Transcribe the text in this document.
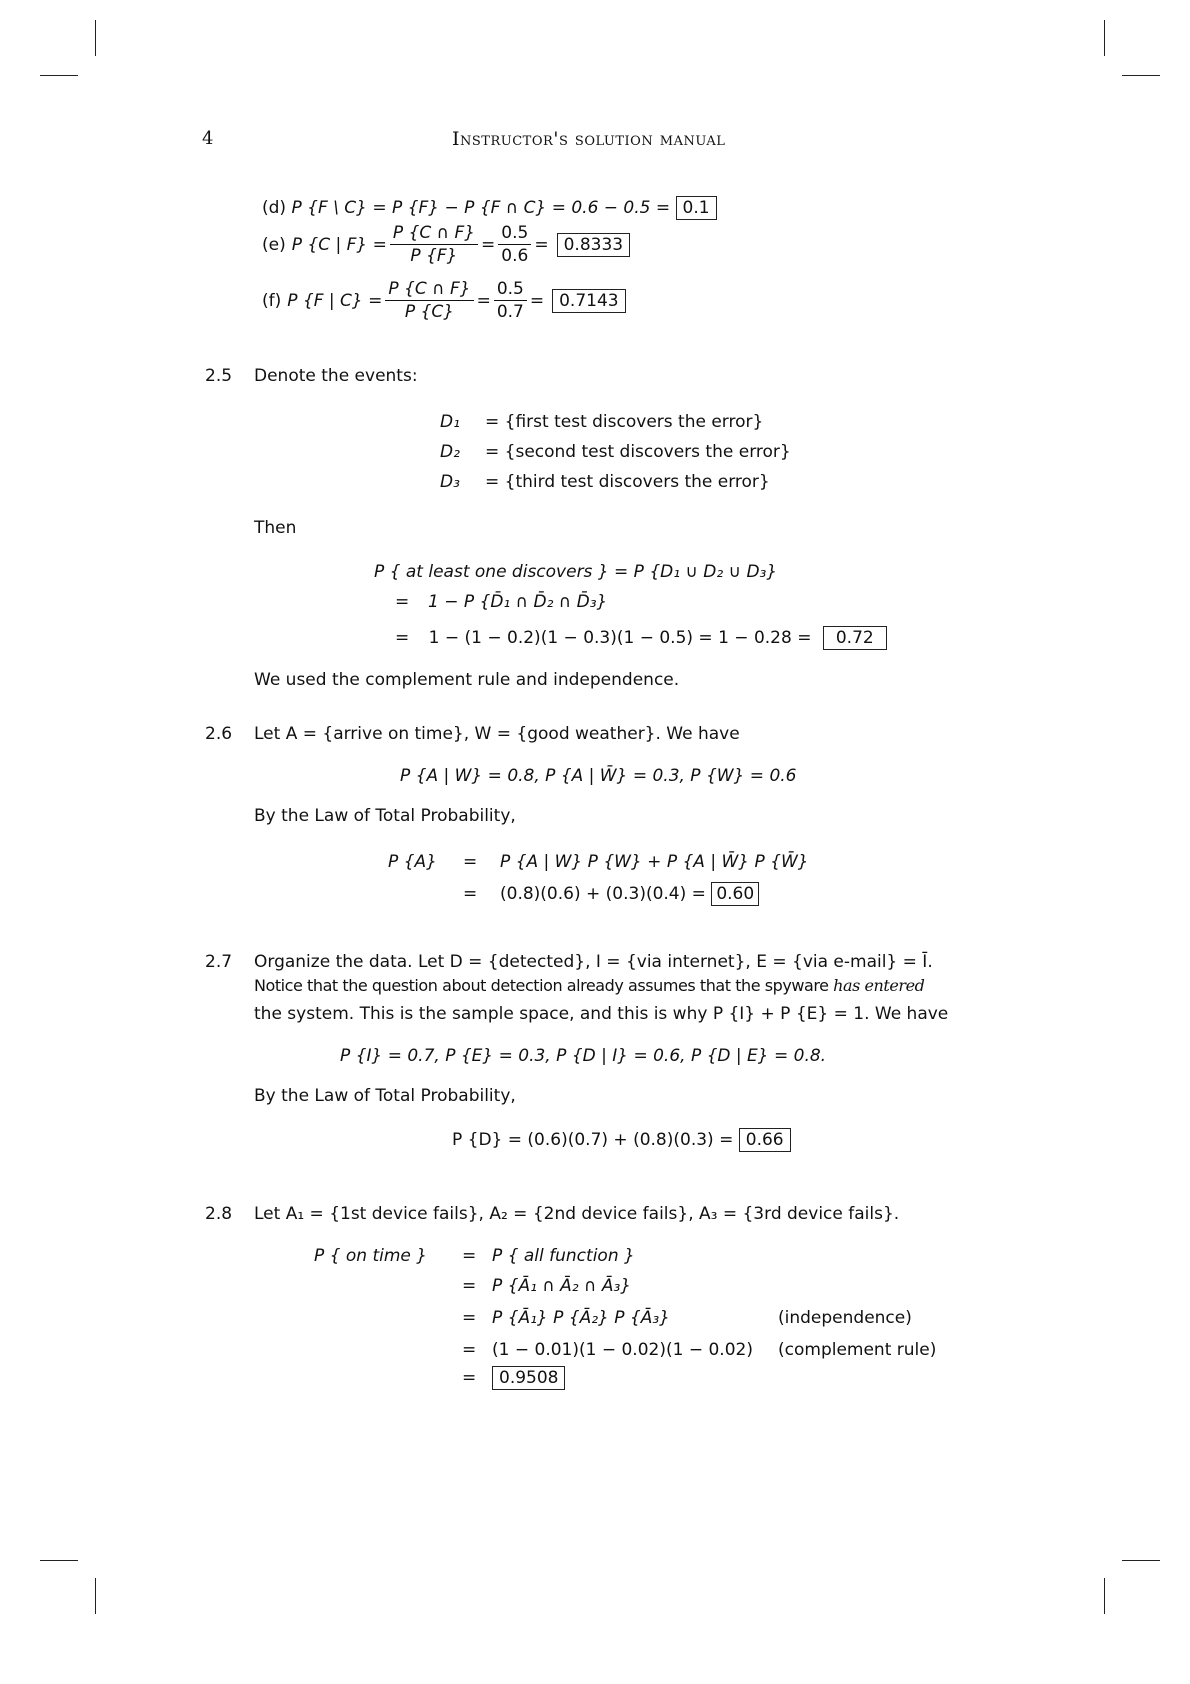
4	Instructor's solution manual
(d) P {F \ C} = P {F} − P {F ∩ C} = 0.6 − 0.5 = 0.1
(e) P {C | $F\} = \frac{P \{C \cap F\}}{P \{F\}} = \frac{0.5}{0.6} = 0.8333$
(f) P {F | $C\} = \frac{P \{C \cap F\}}{P \{C\}} = \frac{0.5}{0.7} = 0.7143$
2.5 Denote the events:
D₁ = {first test discovers the error}
D₂ = {second test discovers the error}
D₃ = {third test discovers the error}
Then
P { at least one discovers } = P {D₁ ∪ D₂ ∪ D₃}
= 1 − P {D̄₁ ∩ D̄₂ ∩ D̄₃}
= 1 − (1 − 0.2)(1 − 0.3)(1 − 0.5) = 1 − 0.28 = 0.72
We used the complement rule and independence.
2.6 Let A = {arrive on time}, W = {good weather}. We have
P {A | W} = 0.8, P {A | W̄} = 0.3, P {W} = 0.6
By the Law of Total Probability,
P {A} = P {A | W} P {W} + P {A | W̄} P {W̄}
= (0.8)(0.6) + (0.3)(0.4) = 0.60
2.7 Organize the data. Let D = {detected}, I = {via internet}, E = {via e-mail} = Ī.
Notice that the question about detection already assumes that the spyware has entered
the system. This is the sample space, and this is why P {I} + P {E} = 1. We have
P {I} = 0.7, P {E} = 0.3, P {D | I} = 0.6, P {D | E} = 0.8.
By the Law of Total Probability,
P {D} = (0.6)(0.7) + (0.8)(0.3) = 0.66
2.8 Let A₁ = {1st device fails}, A₂ = {2nd device fails}, A₃ = {3rd device fails}.
P { on time } = P { all function }
= P {Ā₁ ∩ Ā₂ ∩ Ā₃}
= P {Ā₁} P {Ā₂} P {Ā₃}	(independence)
= (1 − 0.01)(1 − 0.02)(1 − 0.02) (complement rule)
=	0.9508
